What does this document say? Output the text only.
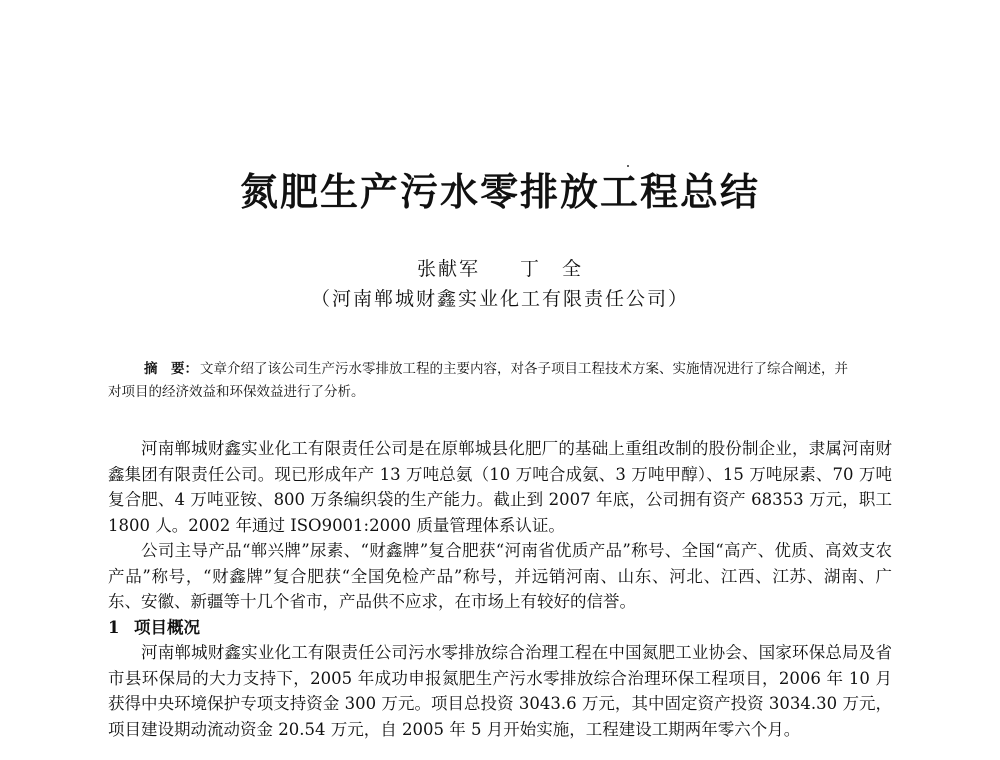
氮肥生产污水零排放工程总结
张献军 丁　全
（河南郸城财鑫实业化工有限责任公司）
摘　要： 文章介绍了该公司生产污水零排放工程的主要内容，对各子项目工程技术方案、实施情况进行了综合阐述，并对项目的经济效益和环保效益进行了分析。

河南郸城财鑫实业化工有限责任公司是在原郸城县化肥厂的基础上重组改制的股份制企业，隶属河南财鑫集团有限责任公司。现已形成年产 13 万吨总氨（10 万吨合成氨、3 万吨甲醇）、15 万吨尿素、70 万吨复合肥、4 万吨亚铵、800 万条编织袋的生产能力。截止到 2007 年底，公司拥有资产 68353 万元，职工 1800 人。2002 年通过 ISO9001:2000 质量管理体系认证。

公司主导产品“郸兴牌”尿素、“财鑫牌”复合肥获“河南省优质产品”称号、全国“高产、优质、高效支农产品”称号，“财鑫牌”复合肥获“全国免检产品”称号，并远销河南、山东、河北、江西、江苏、湖南、广东、安徽、新疆等十几个省市，产品供不应求，在市场上有较好的信誉。

1 项目概况

河南郸城财鑫实业化工有限责任公司污水零排放综合治理工程在中国氮肥工业协会、国家环保总局及省市县环保局的大力支持下，2005 年成功申报氮肥生产污水零排放综合治理环保工程项目，2006 年 10 月获得中央环境保护专项支持资金 300 万元。项目总投资 3043.6 万元，其中固定资产投资 3034.30 万元，项目建设期动流动资金 20.54 万元，自 2005 年 5 月开始实施，工程建设工期两年零六个月。
